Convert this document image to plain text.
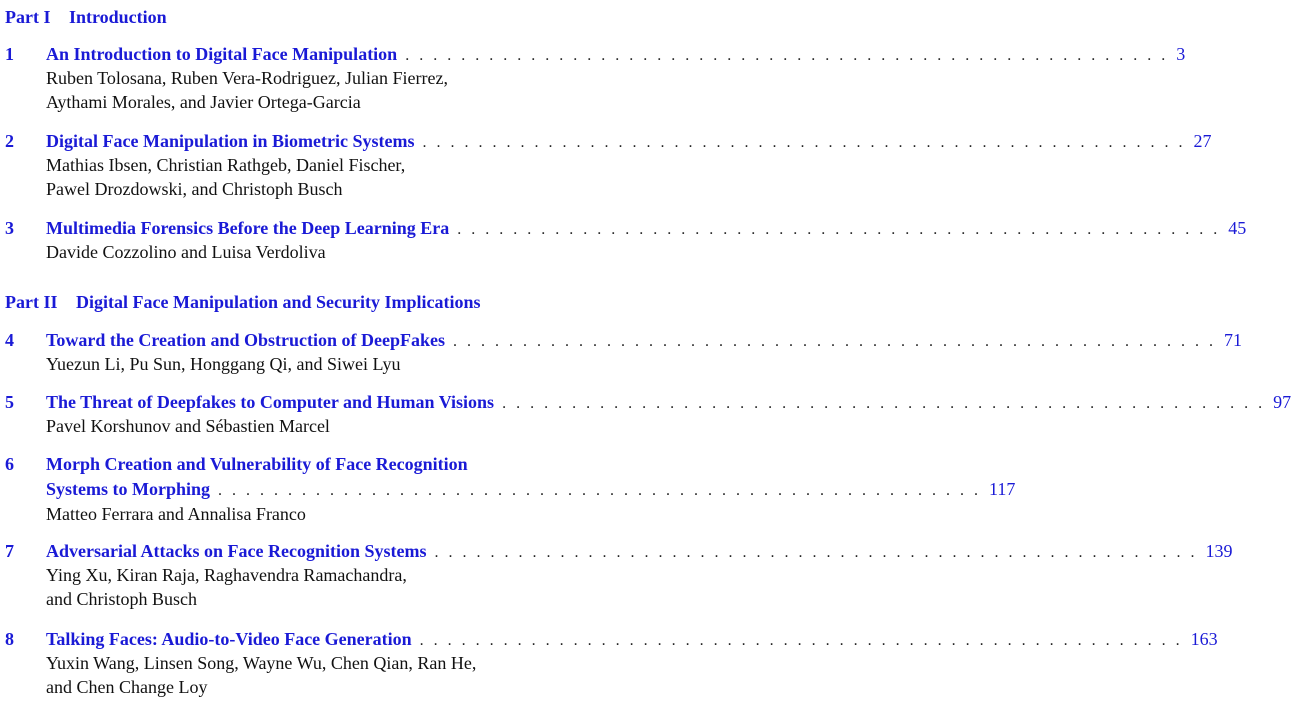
Part I Introduction
1 An Introduction to Digital Face Manipulation . . . . . . . . . . . . . . . . . . . . . . . . . . . . . . . . . . . . . . . . . . . . . . . . . . . . . . . 3
Ruben Tolosana, Ruben Vera-Rodriguez, Julian Fierrez,
Aythami Morales, and Javier Ortega-Garcia
2 Digital Face Manipulation in Biometric Systems . . . . . . . . . . . . . . . . . . . . . . . . . . . . . . . . . . . . . . . . . . . . . . . . . . . . . . . 27
Mathias Ibsen, Christian Rathgeb, Daniel Fischer,
Pawel Drozdowski, and Christoph Busch
3 Multimedia Forensics Before the Deep Learning Era . . . . . . . . . . . . . . . . . . . . . . . . . . . . . . . . . . . . . . . . . . . . . . . . . . . . . . . 45
Davide Cozzolino and Luisa Verdoliva
Part II Digital Face Manipulation and Security Implications
4 Toward the Creation and Obstruction of DeepFakes . . . . . . . . . . . . . . . . . . . . . . . . . . . . . . . . . . . . . . . . . . . . . . . . . . . . . . . 71
Yuezun Li, Pu Sun, Honggang Qi, and Siwei Lyu
5 The Threat of Deepfakes to Computer and Human Visions . . . . . . . . . . . . . . . . . . . . . . . . . . . . . . . . . . . . . . . . . . . . . . . . . . . . . . . 97
Pavel Korshunov and Sébastien Marcel
6 Morph Creation and Vulnerability of Face Recognition
Systems to Morphing . . . . . . . . . . . . . . . . . . . . . . . . . . . . . . . . . . . . . . . . . . . . . . . . . . . . . . . 117
Matteo Ferrara and Annalisa Franco
7 Adversarial Attacks on Face Recognition Systems . . . . . . . . . . . . . . . . . . . . . . . . . . . . . . . . . . . . . . . . . . . . . . . . . . . . . . . 139
Ying Xu, Kiran Raja, Raghavendra Ramachandra,
and Christoph Busch
8 Talking Faces: Audio-to-Video Face Generation . . . . . . . . . . . . . . . . . . . . . . . . . . . . . . . . . . . . . . . . . . . . . . . . . . . . . . . 163
Yuxin Wang, Linsen Song, Wayne Wu, Chen Qian, Ran He,
and Chen Change Loy
